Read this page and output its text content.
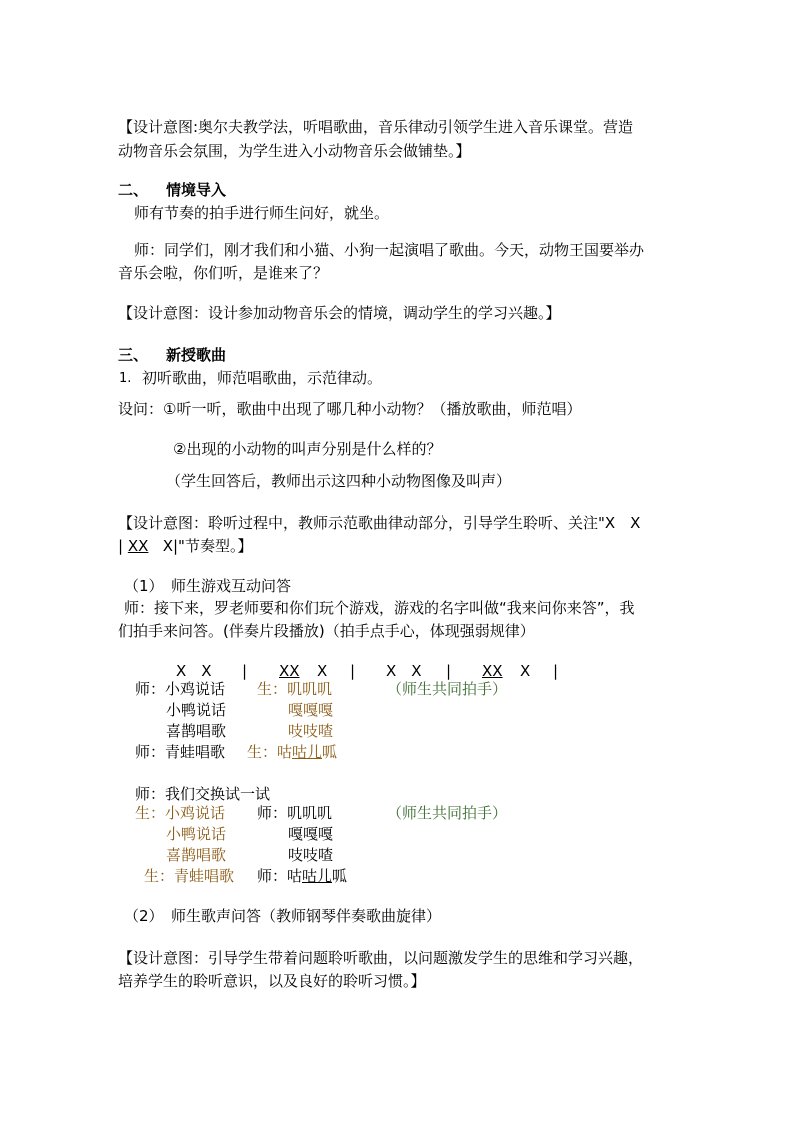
【设计意图:奥尔夫教学法，听唱歌曲，音乐律动引领学生进入音乐课堂。营造
动物音乐会氛围，为学生进入小动物音乐会做铺垫。】
二、 情境导入
师有节奏的拍手进行师生问好，就坐。
师：同学们，刚才我们和小猫、小狗一起演唱了歌曲。今天，动物王国要举办
音乐会啦，你们听，是谁来了？
【设计意图：设计参加动物音乐会的情境，调动学生的学习兴趣。】
三、 新授歌曲
1. 初听歌曲，师范唱歌曲，示范律动。
设问：①听一听，歌曲中出现了哪几种小动物？（播放歌曲，师范唱）
②出现的小动物的叫声分别是什么样的？
（学生回答后，教师出示这四种小动物图像及叫声）
【设计意图：聆听过程中，教师示范歌曲律动部分，引导学生聆听、关注"X　X
| XX X|"节奏型。】
（1）　师生游戏互动问答
师：接下来，罗老师要和你们玩个游戏，游戏的名字叫做“我来问你来答”，我
们拍手来问答。(伴奏片段播放)（拍手点手心，体现强弱规律）
X　X | XX X | X　X | XX X |
师：小鸡说话 生：叽叽叽	（师生共同拍手）
小鸭说话	嘎嘎嘎
喜鹊唱歌	吱吱喳
师：青蛙唱歌 生：咕咕儿呱
师：我们交换试一试
生：小鸡说话 师：叽叽叽	（师生共同拍手）
小鸭说话	嘎嘎嘎
喜鹊唱歌	吱吱喳
生：青蛙唱歌 师：咕咕儿呱
（2）　师生歌声问答（教师钢琴伴奏歌曲旋律）
【设计意图：引导学生带着问题聆听歌曲，以问题激发学生的思维和学习兴趣，
培养学生的聆听意识，以及良好的聆听习惯。】
